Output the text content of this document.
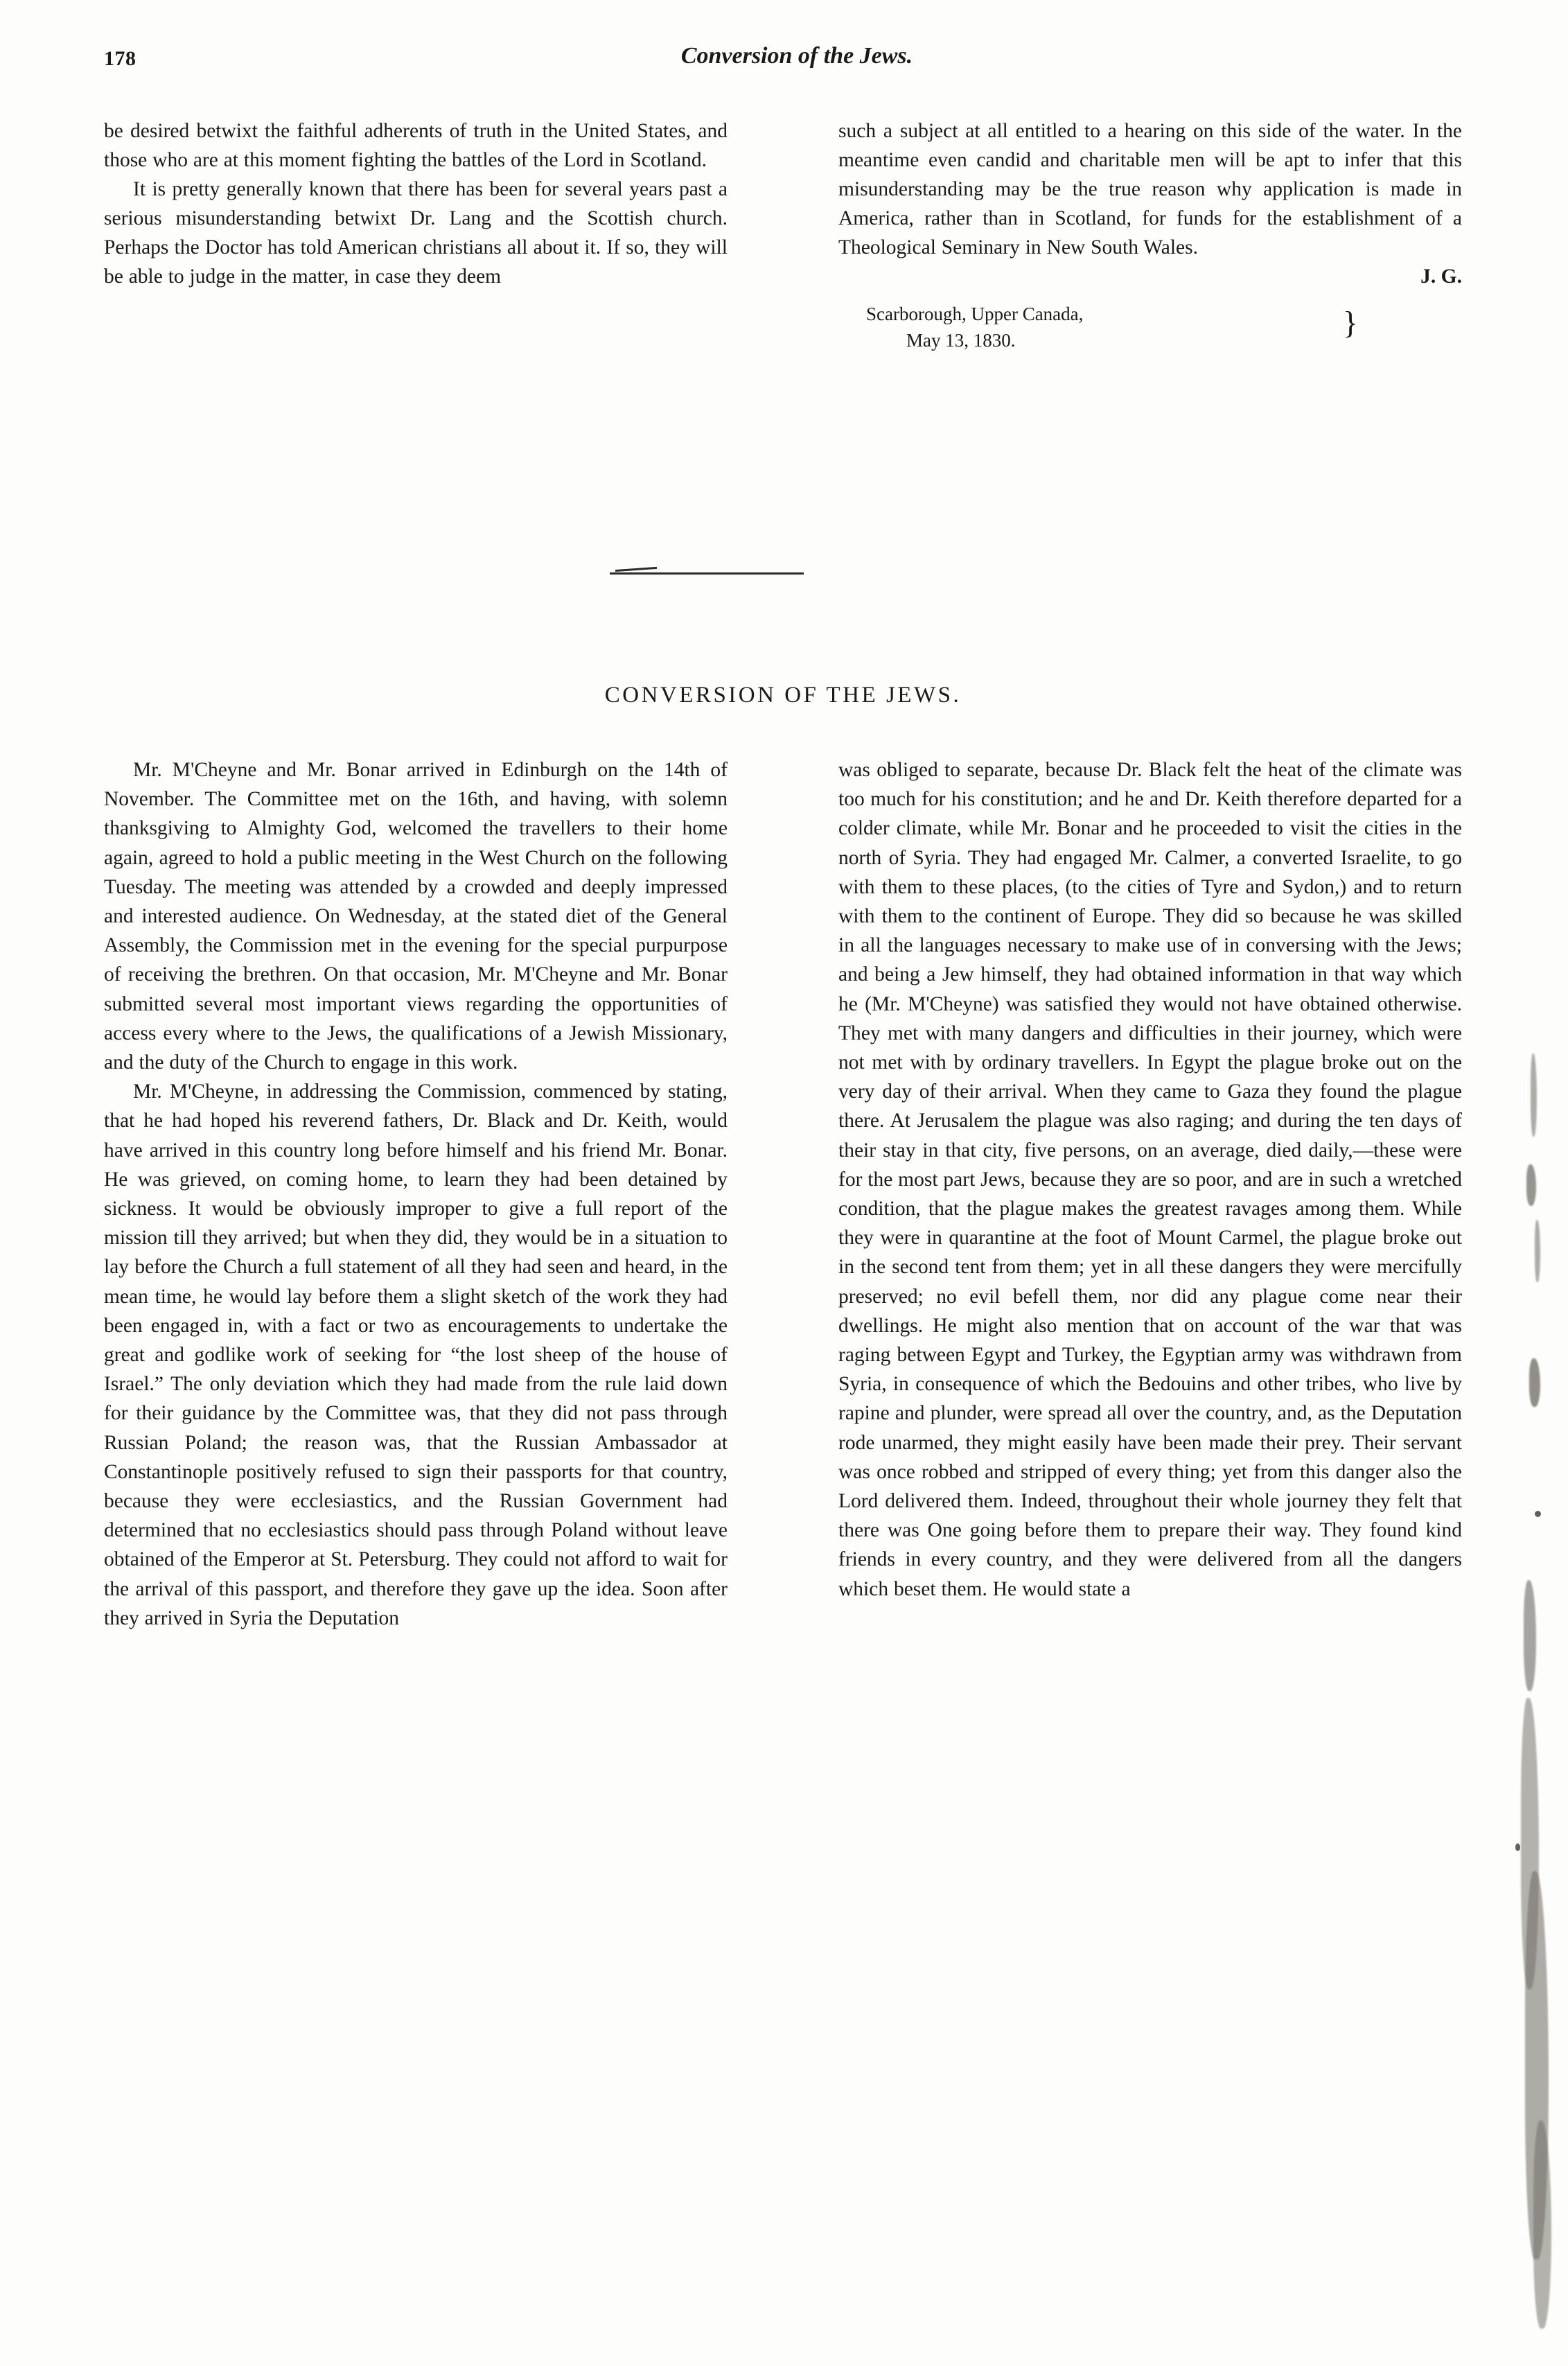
178	Conversion of the Jews.

be desired betwixt the faithful adherents of truth in the United States, and those who are at this moment fighting the battles of the Lord in Scotland.

It is pretty generally known that there has been for several years past a serious misunderstanding betwixt Dr. Lang and the Scottish church. Perhaps the Doctor has told American christians all about it. If so, they will be able to judge in the matter, in case they deem

such a subject at all entitled to a hearing on this side of the water. In the meantime even candid and charitable men will be apt to infer that this misunderstanding may be the true reason why application is made in America, rather than in Scotland, for funds for the establishment of a Theological Seminary in New South Wales.

J. G.
Scarborough, Upper Canada,
May 13, 1830.	}
CONVERSION OF THE JEWS.

Mr. M'Cheyne and Mr. Bonar arrived in Edinburgh on the 14th of November. The Committee met on the 16th, and having, with solemn thanksgiving to Almighty God, welcomed the travellers to their home again, agreed to hold a public meeting in the West Church on the following Tuesday. The meeting was attended by a crowded and deeply impressed and interested audience. On Wednesday, at the stated diet of the General Assembly, the Commission met in the evening for the special purpurpose of receiving the brethren. On that occasion, Mr. M'Cheyne and Mr. Bonar submitted several most important views regarding the opportunities of access every where to the Jews, the qualifications of a Jewish Missionary, and the duty of the Church to engage in this work.

Mr. M'Cheyne, in addressing the Commission, commenced by stating, that he had hoped his reverend fathers, Dr. Black and Dr. Keith, would have arrived in this country long before himself and his friend Mr. Bonar. He was grieved, on coming home, to learn they had been detained by sickness. It would be obviously improper to give a full report of the mission till they arrived; but when they did, they would be in a situation to lay before the Church a full statement of all they had seen and heard, in the mean time, he would lay before them a slight sketch of the work they had been engaged in, with a fact or two as encouragements to undertake the great and godlike work of seeking for “the lost sheep of the house of Israel.” The only deviation which they had made from the rule laid down for their guidance by the Committee was, that they did not pass through Russian Poland; the reason was, that the Russian Ambassador at Constantinople positively refused to sign their passports for that country, because they were ecclesiastics, and the Russian Government had determined that no ecclesiastics should pass through Poland without leave obtained of the Emperor at St. Petersburg. They could not afford to wait for the arrival of this passport, and therefore they gave up the idea. Soon after they arrived in Syria the Deputation

was obliged to separate, because Dr. Black felt the heat of the climate was too much for his constitution; and he and Dr. Keith therefore departed for a colder climate, while Mr. Bonar and he proceeded to visit the cities in the north of Syria. They had engaged Mr. Calmer, a converted Israelite, to go with them to these places, (to the cities of Tyre and Sydon,) and to return with them to the continent of Europe. They did so because he was skilled in all the languages necessary to make use of in conversing with the Jews; and being a Jew himself, they had obtained information in that way which he (Mr. M'Cheyne) was satisfied they would not have obtained otherwise. They met with many dangers and difficulties in their journey, which were not met with by ordinary travellers. In Egypt the plague broke out on the very day of their arrival. When they came to Gaza they found the plague there. At Jerusalem the plague was also raging; and during the ten days of their stay in that city, five persons, on an average, died daily,—these were for the most part Jews, because they are so poor, and are in such a wretched condition, that the plague makes the greatest ravages among them. While they were in quarantine at the foot of Mount Carmel, the plague broke out in the second tent from them; yet in all these dangers they were mercifully preserved; no evil befell them, nor did any plague come near their dwellings. He might also mention that on account of the war that was raging between Egypt and Turkey, the Egyptian army was withdrawn from Syria, in consequence of which the Bedouins and other tribes, who live by rapine and plunder, were spread all over the country, and, as the Deputation rode unarmed, they might easily have been made their prey. Their servant was once robbed and stripped of every thing; yet from this danger also the Lord delivered them. Indeed, throughout their whole journey they felt that there was One going before them to prepare their way. They found kind friends in every country, and they were delivered from all the dangers which beset them. He would state a
